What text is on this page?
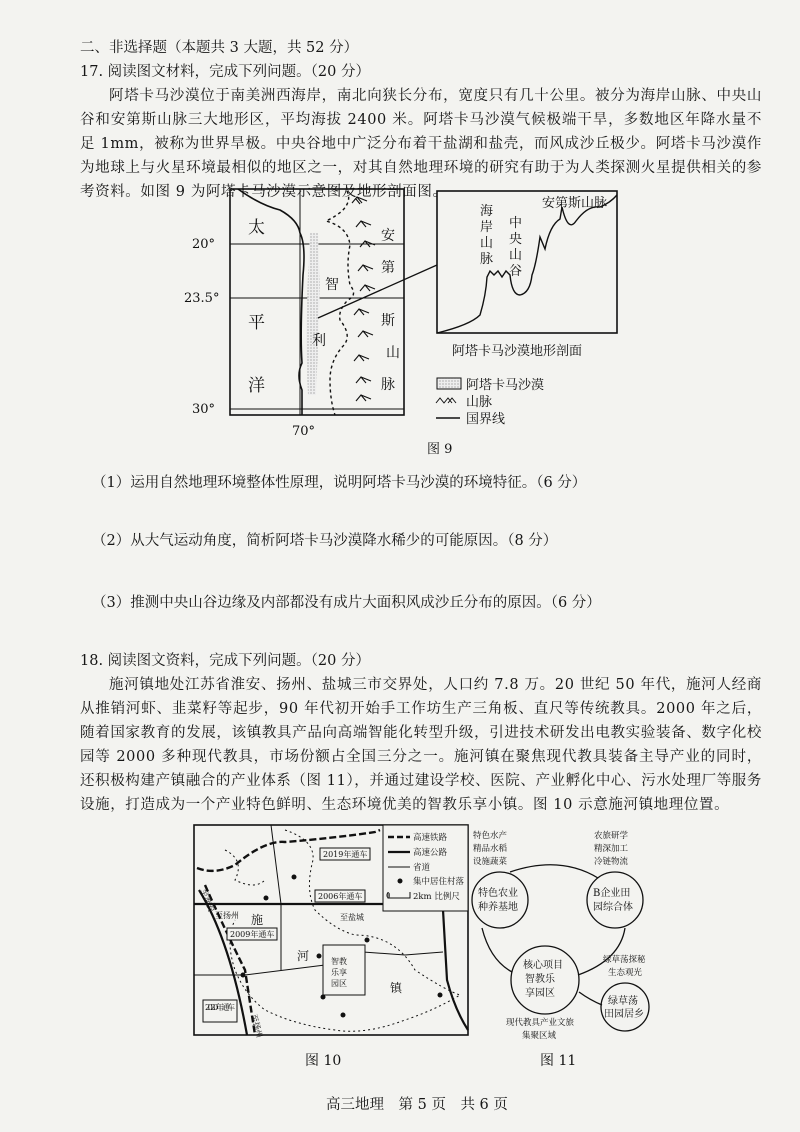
二、非选择题（本题共 3 大题，共 52 分）
17. 阅读图文材料，完成下列问题。（20 分）
阿塔卡马沙漠位于南美洲西海岸，南北向狭长分布，宽度只有几十公里。被分为海岸山脉、中央山谷和安第斯山脉三大地形区，平均海拔 2400 米。阿塔卡马沙漠气候极端干旱，多数地区年降水量不足 1mm，被称为世界旱极。中央谷地中广泛分布着干盐湖和盐壳，而风成沙丘极少。阿塔卡马沙漠作为地球上与火星环境最相似的地区之一，对其自然地理环境的研究有助于为人类探测火星提供相关的参考资料。如图 9 为阿塔卡马沙漠示意图及地形剖面图。
20°
23.5°
30°
70°
太
平
洋
智
利
安
第
斯
山
脉
海岸山脉
中央山谷
安第斯山脉
阿塔卡马沙漠地形剖面
阿塔卡马沙漠
山脉
国界线
图 9
（1）运用自然地理环境整体性原理，说明阿塔卡马沙漠的环境特征。（6 分）
（2）从大气运动角度，简析阿塔卡马沙漠降水稀少的可能原因。（8 分）
（3）推测中央山谷边缘及内部都没有成片大面积风成沙丘分布的原因。（6 分）
18. 阅读图文资料，完成下列问题。（20 分）
施河镇地处江苏省淮安、扬州、盐城三市交界处，人口约 7.8 万。20 世纪 50 年代，施河人经商从推销河虾、韭菜籽等起步，90 年代初开始手工作坊生产三角板、直尺等传统教具。2000 年之后，随着国家教育的发展，该镇教具产品向高端智能化转型升级，引进技术研发出电教实验装备、数字化校园等 2000 多种现代教具，市场份额占全国三分之一。施河镇在聚焦现代教具装备主导产业的同时，还积极构建产镇融合的产业体系（图 11），并通过建设学校、医院、产业孵化中心、污水处理厂等服务设施，打造成为一个产业特色鲜明、生态环境优美的智教乐享小镇。图 10 示意施河镇地理位置。
智教乐享园区
2019年通车
2006年通车
2009年通车
2020年通车
至盐城
至扬州
至淮安
至扬州
施
河
镇
0
高速铁路
高速公路
省道
集中居住村落
2km 比例尺
图 10
特色农业种养基地
B企业田园综合体
核心项目智教乐享园区
绿草荡田园居乡
特色水产
精品水稻
设施蔬菜
农旅研学
精深加工
冷链物流
绿草荡探秘
生态观光
现代教具产业文旅
集聚区域
图 11
高三地理　第 5 页　共 6 页
